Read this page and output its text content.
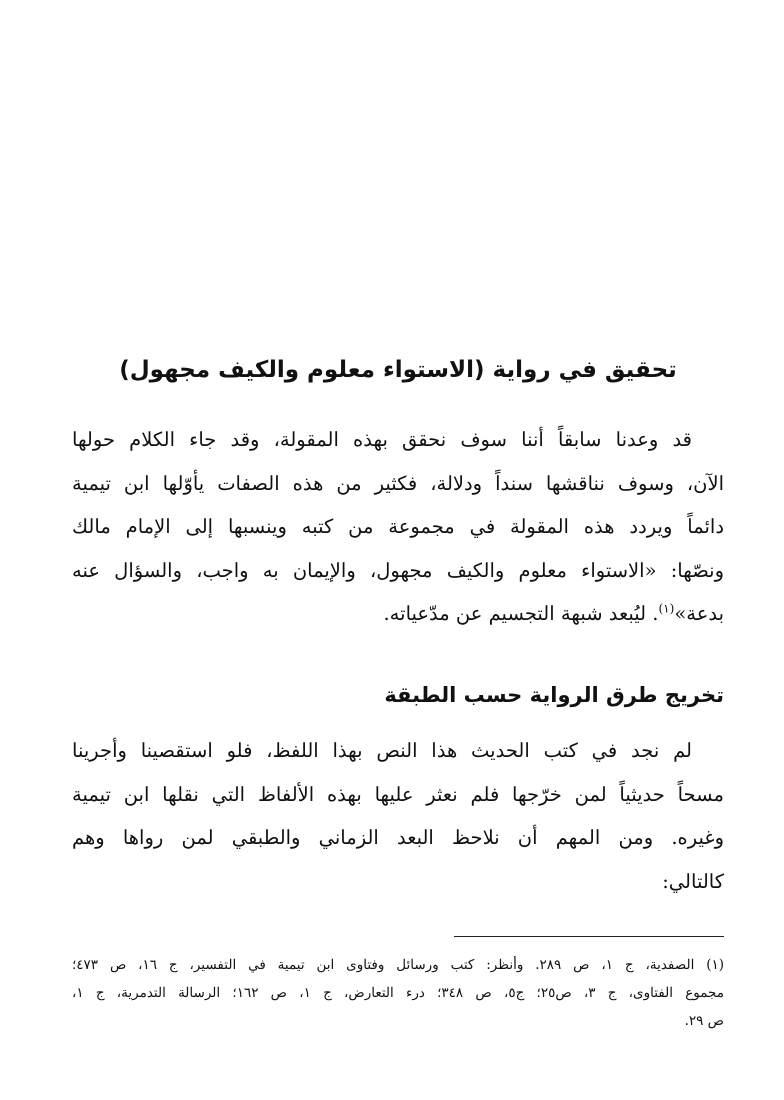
تحقيق في رواية (الاستواء معلوم والكيف مجهول)

قد وعدنا سابقاً أننا سوف نحقق بهذه المقولة، وقد جاء الكلام حولها
الآن، وسوف نناقشها سنداً ودلالة، فكثير من هذه الصفات يأوّلها ابن تيمية
دائماً ويردد هذه المقولة في مجموعة من كتبه وينسبها إلى الإمام مالك
ونصّها: «الاستواء معلوم والكيف مجهول، والإيمان به واجب، والسؤال عنه
بدعة»$^{(١)}$. ليُبعد شبهة التجسيم عن مدّعياته.

تخريج طرق الرواية حسب الطبقة

لم نجد في كتب الحديث هذا النص بهذا اللفظ، فلو استقصينا وأجرينا
مسحاً حديثياً لمن خرّجها فلم نعثر عليها بهذه الألفاظ التي نقلها ابن تيمية
وغيره. ومن المهم أن نلاحظ البعد الزماني والطبقي لمن رواها وهم
كالتالي:

(١) الصفدية، ج ١، ص ٢٨٩. وأنظر: كتب ورسائل وفتاوى ابن تيمية في التفسير، ج ١٦، ص ٤٧٣؛
مجموع الفتاوى، ج ٣، ص٢٥؛ ج٥، ص ٣٤٨؛ درء التعارض، ج ١، ص ١٦٢؛ الرسالة التدمرية، ج ١،
ص ٢٩.
